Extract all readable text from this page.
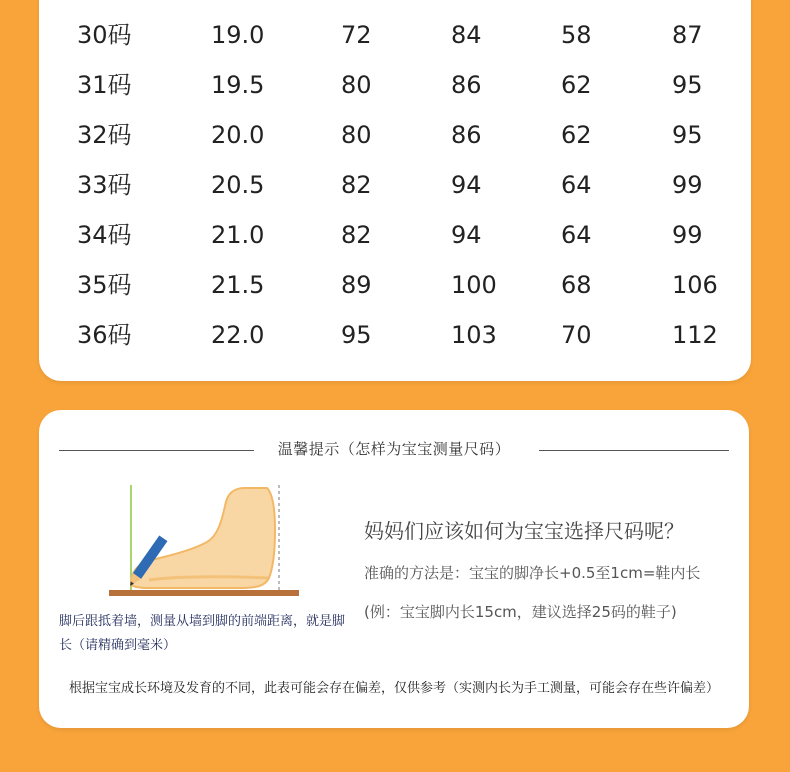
30码	19.0	72	84	58	87
31码	19.5	80	86	62	95
32码	20.0	80	86	62	95
33码	20.5	82	94	64	99
34码	21.0	82	94	64	99
35码	21.5	89	100	68	106
36码	22.0	95	103	70	112
温馨提示（怎样为宝宝测量尺码）
脚后跟抵着墙，测量从墙到脚的前端距离，就是脚长（请精确到毫米）
妈妈们应该如何为宝宝选择尺码呢？
准确的方法是：宝宝的脚净长+0.5至1cm=鞋内长
(例：宝宝脚内长15cm，建议选择25码的鞋子)
根据宝宝成长环境及发育的不同，此表可能会存在偏差，仅供参考（实测内长为手工测量，可能会存在些许偏差）
